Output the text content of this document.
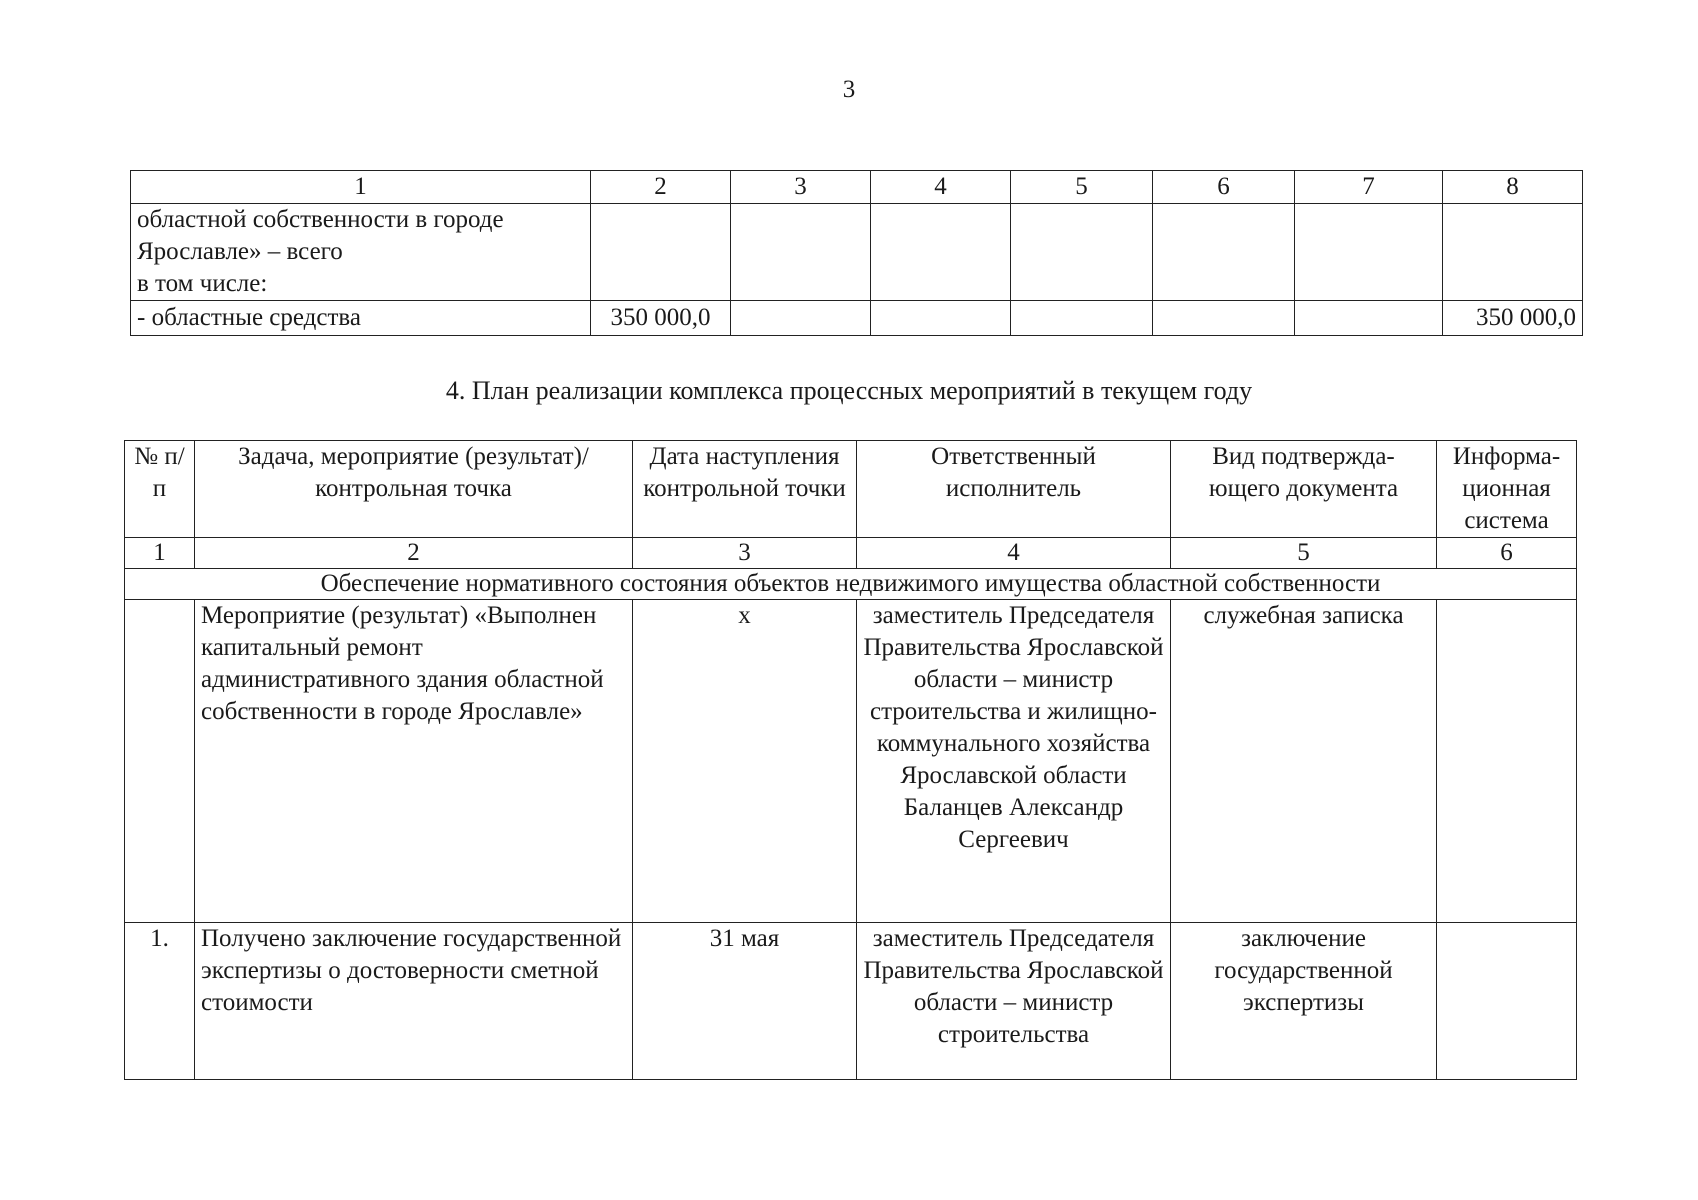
3
1	2	3	4	5	6	7	8
областной собственности в городе Ярославле» – всего
в том числе:							
- областные средства	350 000,0						350 000,0
4. План реализации комплекса процессных мероприятий в текущем году
№ п/п	Задача, мероприятие (результат)/ контрольная точка	Дата наступления контрольной точки	Ответственный исполнитель	Вид подтвержда-ющего документа	Информа-ционная система
1	2	3	4	5	6
Обеспечение нормативного состояния объектов недвижимого имущества областной собственности					
	Мероприятие (результат) «Выполнен капитальный ремонт административного здания областной собственности в городе Ярославле»	x	заместитель Председателя Правительства Ярославской области – министр строительства и жилищно-коммунального хозяйства Ярославской области Баланцев Александр Сергеевич	служебная записка	
1.	Получено заключение государственной экспертизы о достоверности сметной стоимости	31 мая	заместитель Председателя Правительства Ярославской области – министр строительства	заключение государственной экспертизы	
